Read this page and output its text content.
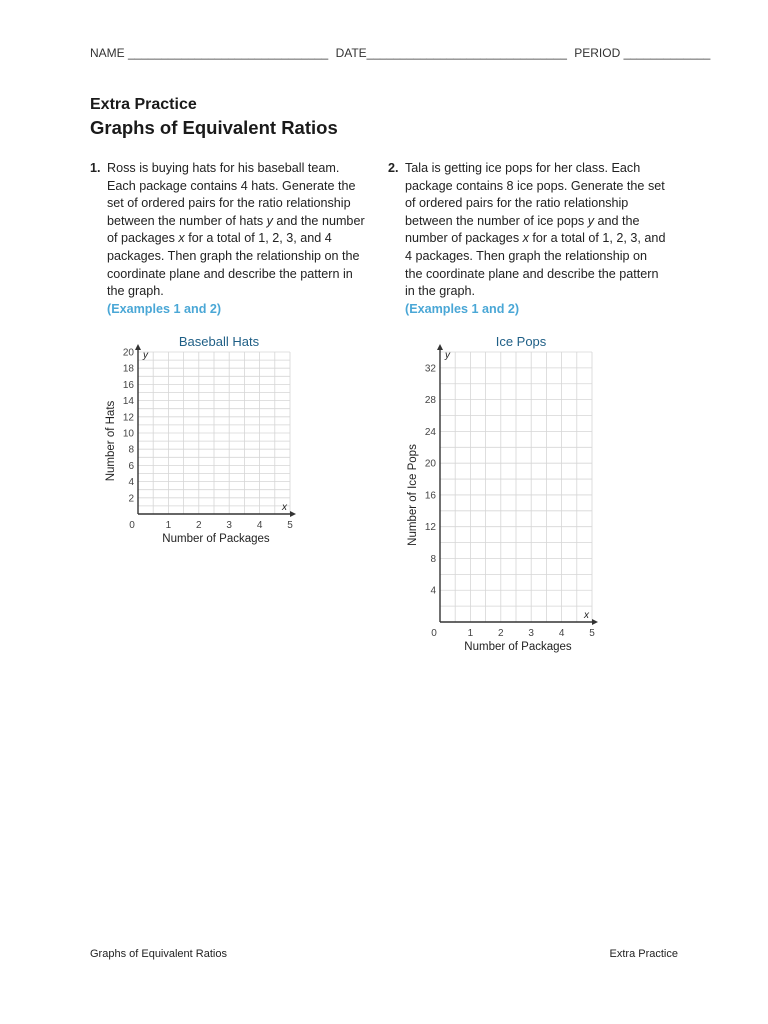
NAME ______________________________ DATE______________________________ PERIOD _____________

Extra Practice

Graphs of Equivalent Ratios

1. Ross is buying hats for his baseball team. Each package contains 4 hats. Generate the set of ordered pairs for the ratio relationship between the number of hats y and the number of packages x for a total of 1, 2, 3, and 4 packages. Then graph the relationship on the coordinate plane and describe the pattern in the graph.
(Examples 1 and 2)
2. Tala is getting ice pops for her class. Each package contains 8 ice pops. Generate the set of ordered pairs for the ratio relationship between the number of ice pops y and the number of packages x for a total of 1, 2, 3, and 4 packages. Then graph the relationship on the coordinate plane and describe the pattern in the graph.
(Examples 1 and 2)
Baseball Hats
x
y
0	1 2 3 4 5
2
4
6
8
10
12
14
16
18
20
Number of Packages
Number of Hats
Ice Pops
x
y
0	1 2 3 4 5
4
8
12
16
20
24
28
32
Number of Packages
Number of Ice Pops
Graphs of Equivalent Ratios	Extra Practice
